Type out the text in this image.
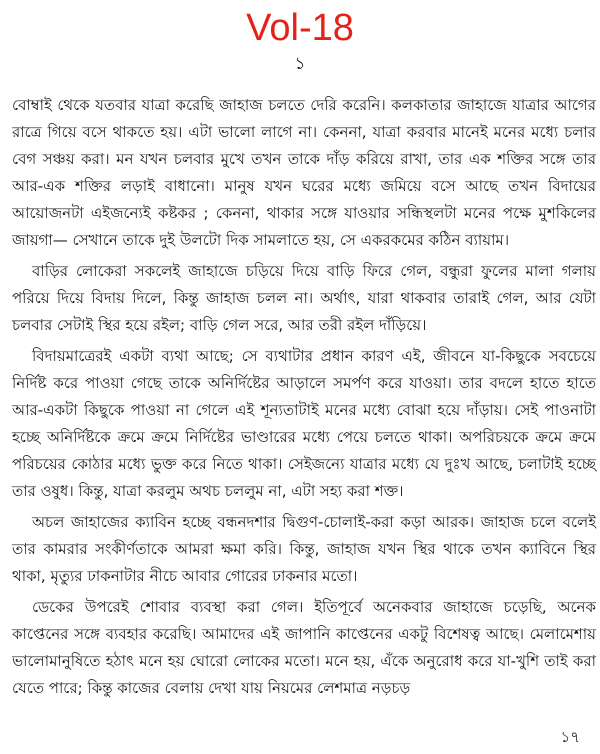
Vol-18
১

বোম্বাই থেকে যতবার যাত্রা করেছি জাহাজ চলতে দেরি করেনি। কলকাতার জাহাজে যাত্রার আগের রাত্রে গিয়ে বসে থাকতে হয়। এটা ভালো লাগে না। কেননা, যাত্রা করবার মানেই মনের মধ্যে চলার বেগ সঞ্চয় করা। মন যখন চলবার মুখে তখন তাকে দাঁড় করিয়ে রাখা, তার এক শক্তির সঙ্গে তার আর-এক শক্তির লড়াই বাধানো। মানুষ যখন ঘরের মধ্যে জমিয়ে বসে আছে তখন বিদায়ের আয়োজনটা এইজন্যেই কষ্টকর ; কেননা, থাকার সঙ্গে যাওয়ার সন্ধিস্থলটা মনের পক্ষে মুশকিলের জায়গা— সেখানে তাকে দুই উলটো দিক সামলাতে হয়, সে একরকমের কঠিন ব্যায়াম।

বাড়ির লোকেরা সকলেই জাহাজে চড়িয়ে দিয়ে বাড়ি ফিরে গেল, বন্ধুরা ফুলের মালা গলায় পরিয়ে দিয়ে বিদায় দিলে, কিন্তু জাহাজ চলল না। অর্থাৎ, যারা থাকবার তারাই গেল, আর যেটা চলবার সেটাই স্থির হয়ে রইল; বাড়ি গেল সরে, আর তরী রইল দাঁড়িয়ে।

বিদায়মাত্রেরই একটা ব্যথা আছে; সে ব্যথাটার প্রধান কারণ এই, জীবনে যা-কিছুকে সবচেয়ে নির্দিষ্ট করে পাওয়া গেছে তাকে অনির্দিষ্টের আড়ালে সমর্পণ করে যাওয়া। তার বদলে হাতে হাতে আর-একটা কিছুকে পাওয়া না গেলে এই শূন্যতাটাই মনের মধ্যে বোঝা হয়ে দাঁড়ায়। সেই পাওনাটা হচ্ছে অনির্দিষ্টকে ক্রমে ক্রমে নির্দিষ্টের ভাণ্ডারের মধ্যে পেয়ে চলতে থাকা। অপরিচয়কে ক্রমে ক্রমে পরিচয়ের কোঠার মধ্যে ভুক্ত করে নিতে থাকা। সেইজন্যে যাত্রার মধ্যে যে দুঃখ আছে, চলাটাই হচ্ছে তার ওষুধ। কিন্তু, যাত্রা করলুম অথচ চললুম না, এটা সহ্য করা শক্ত।

অচল জাহাজের ক্যাবিন হচ্ছে বন্ধনদশার দ্বিগুণ-চোলাই-করা কড়া আরক। জাহাজ চলে বলেই তার কামরার সংকীর্ণতাকে আমরা ক্ষমা করি। কিন্তু, জাহাজ যখন স্থির থাকে তখন ক্যাবিনে স্থির থাকা, মৃত্যুর ঢাকনাটার নীচে আবার গোরের ঢাকনার মতো।

ডেকের উপরেই শোবার ব্যবস্থা করা গেল। ইতিপূর্বে অনেকবার জাহাজে চড়েছি, অনেক কাপ্তেনের সঙ্গে ব্যবহার করেছি। আমাদের এই জাপানি কাপ্তেনের একটু বিশেষত্ব আছে। মেলামেশায় ভালোমানুষিতে হঠাৎ মনে হয় ঘোরো লোকের মতো। মনে হয়, এঁকে অনুরোধ করে যা-খুশি তাই করা যেতে পারে; কিন্তু কাজের বেলায় দেখা যায় নিয়মের লেশমাত্র নড়চড়

১৭
